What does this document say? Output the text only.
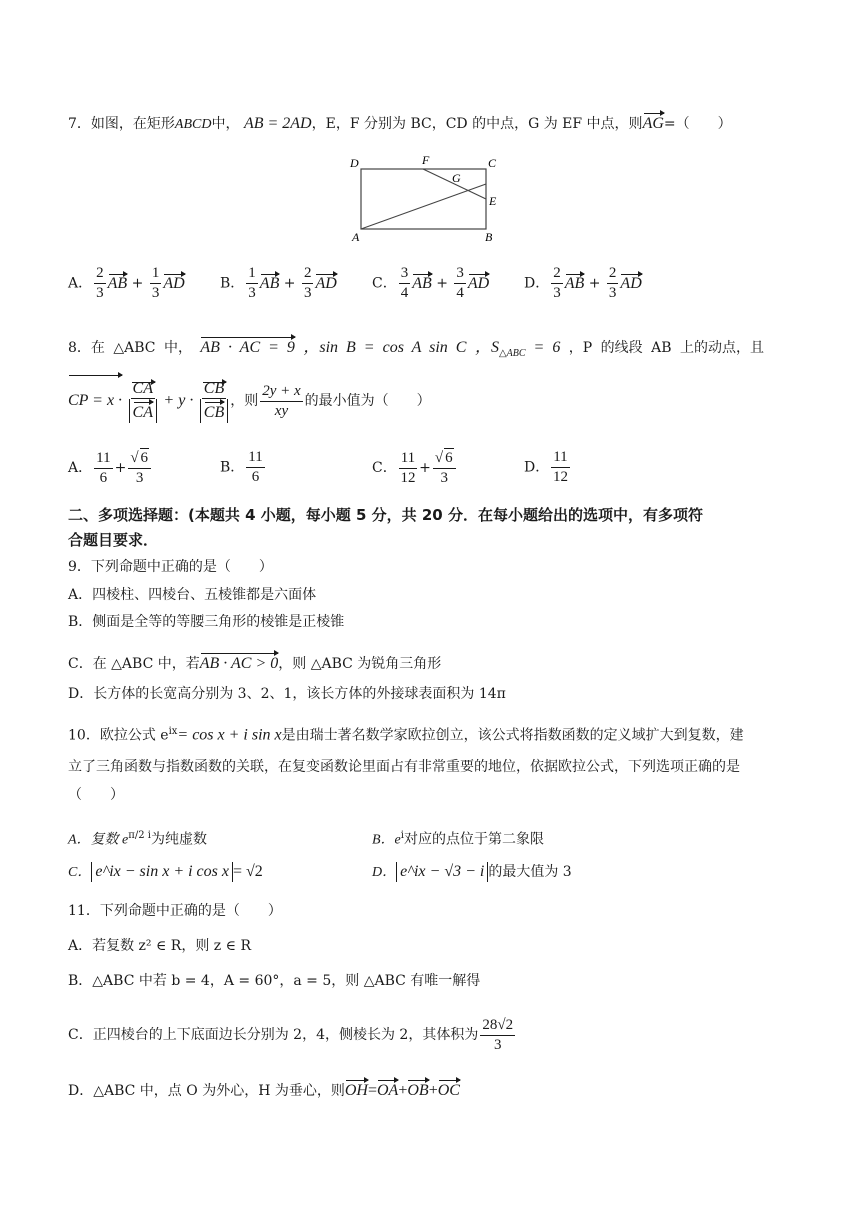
7．如图，在矩形ABCD中， AB = 2AD，E，F 分别为 BC，CD 的中点，G 为 EF 中点，则AG=（　　）
D	F	C
G
E
A	B
A． $\frac{2}{3}$ AB + $\frac{1}{3}$ AD	B． $\frac{1}{3}$ AB + $\frac{2}{3}$ AD	C． $\frac{3}{4}$ AB + $\frac{3}{4}$ AD D． $\frac{2}{3}$ AB + $\frac{2}{3}$ AD
8．在 △ABC 中， AB · AC = 9 ，sin B = cos A sin C ，$S_{\triangle ABC} = 6$ ，P 的线段 AB 上的动点，且
CP = $x \cdot \frac{CA}{CA} + y \cdot \frac{CB}{CB}$ ，则 $\frac{2y + x}{xy}$ 的最小值为（　　）
A． $\frac{11}{6} + \frac{√ 6}{3}$	B． $\frac{11}{6}$	C． $\frac{11}{12} + \frac{√ 6}{3}$	D． $\frac{11}{12}$
二、多项选择题：(本题共 4 小题，每小题 5 分，共 20 分．在每小题给出的选项中，有多项符
合题目要求．
9．下列命题中正确的是（　　）
A．四棱柱、四棱台、五棱锥都是六面体
B．侧面是全等的等腰三角形的棱锥是正棱锥
C．在 △ABC 中，若AB · AC > 0，则 △ABC 为锐角三角形
D．长方体的长宽高分别为 3、2、1，该长方体的外接球表面积为 14π
10．欧拉公式 $e^{ix}= \cos x + i$ sin x是由瑞士著名数学家欧拉创立，该公式将指数函数的定义域扩大到复数，建
立了三角函数与指数函数的关联，在复变函数论里面占有非常重要的地位，依据欧拉公式，下列选项正确的是
（　　）
A．复数 $e^{\pi/2 i}$为纯虚数	B．$e^i$对应的点位于第二象限
C． e^ix − sin x + i cos x = √2	D． e^ix − √3 − i 的最大值为 3
11．下列命题中正确的是（　　）
A．若复数 z² ∈ R，则 z ∈ R
B．△ABC 中若 b = 4，A = 60°，a = 5，则 △ABC 有唯一解得
C．正四棱台的上下底面边长分别为 2，4，侧棱长为 2，其体积为 $\frac{28√2}{3}$
D．△ABC 中，点 O 为外心，H 为垂心，则OH=OA+OB+OC
